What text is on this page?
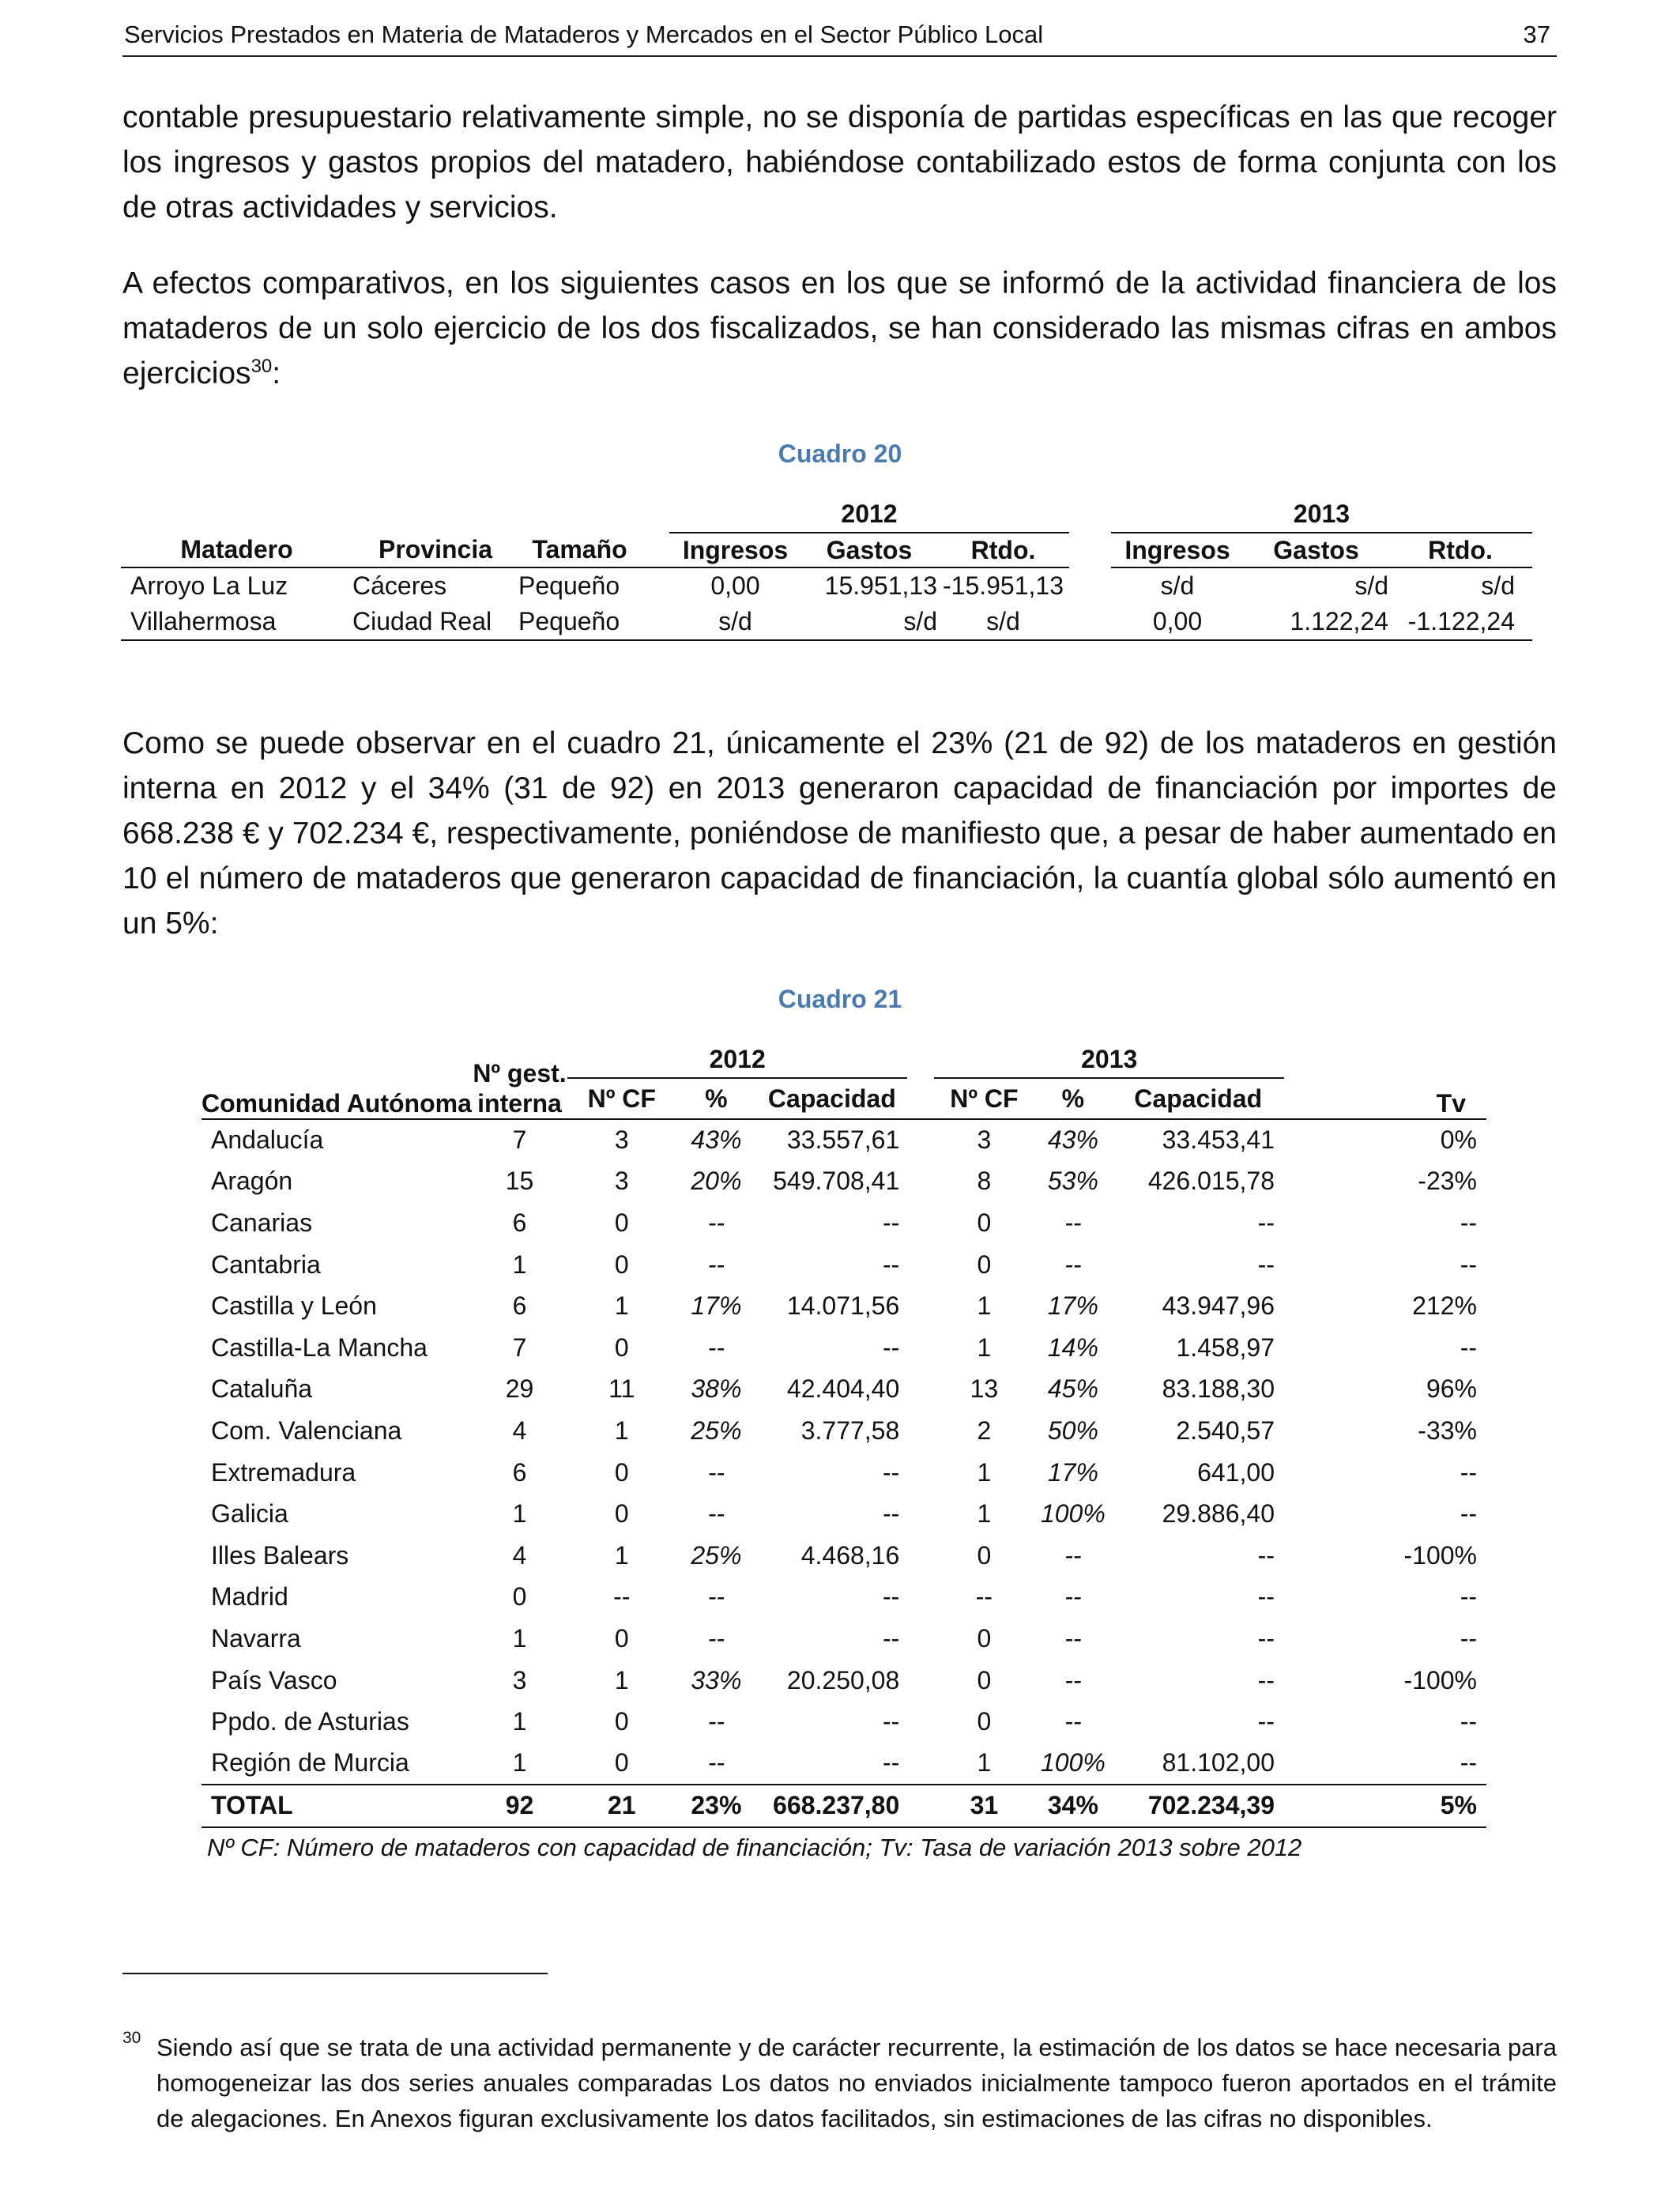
Servicios Prestados en Materia de Mataderos y Mercados en el Sector Público Local	37

contable presupuestario relativamente simple, no se disponía de partidas específicas en las que recoger los ingresos y gastos propios del matadero, habiéndose contabilizado estos de forma conjunta con los de otras actividades y servicios.

A efectos comparativos, en los siguientes casos en los que se informó de la actividad financiera de los mataderos de un solo ejercicio de los dos fiscalizados, se han considerado las mismas cifras en ambos ejercicios$^{30}$:

Cuadro 20
				2012				2013		
Matadero	Provincia	Tamaño		Ingresos	Gastos	Rtdo.		Ingresos	Gastos	Rtdo.
Arroyo La Luz	Cáceres	Pequeño		0,00	15.951,13	-15.951,13		s/d	s/d	s/d
Villahermosa	Ciudad Real	Pequeño		s/d	s/d	s/d		0,00	1.122,24	-1.122,24

Como se puede observar en el cuadro 21, únicamente el 23% (21 de 92) de los mataderos en gestión interna en 2012 y el 34% (31 de 92) en 2013 generaron capacidad de financiación por importes de 668.238 € y 702.234 €, respectivamente, poniéndose de manifiesto que, a pesar de haber aumentado en 10 el número de mataderos que generaron capacidad de financiación, la cuantía global sólo aumentó en un 5%:

Cuadro 21
Comunidad Autónoma	Nº gest. interna	2012				2013			
		Nº CF	%	Capacidad		Nº CF	%	Capacidad	Tv
Andalucía	7	3	43%	33.557,61		3	43%	33.453,41	0%
Aragón	15	3	20%	549.708,41		8	53%	426.015,78	-23%
Canarias	6	0	--	--		0	--	--	--
Cantabria	1	0	--	--		0	--	--	--
Castilla y León	6	1	17%	14.071,56		1	17%	43.947,96	212%
Castilla-La Mancha	7	0	--	--		1	14%	1.458,97	--
Cataluña	29	11	38%	42.404,40		13	45%	83.188,30	96%
Com. Valenciana	4	1	25%	3.777,58		2	50%	2.540,57	-33%
Extremadura	6	0	--	--		1	17%	641,00	--
Galicia	1	0	--	--		1	100%	29.886,40	--
Illes Balears	4	1	25%	4.468,16		0	--	--	-100%
Madrid	0	--	--	--		--	--	--	--
Navarra	1	0	--	--		0	--	--	--
País Vasco	3	1	33%	20.250,08		0	--	--	-100%
Ppdo. de Asturias	1	0	--	--		0	--	--	--
Región de Murcia	1	0	--	--		1	100%	81.102,00	--
TOTAL	92	21	23%	668.237,80		31	34%	702.234,39	5%
Nº CF: Número de mataderos con capacidad de financiación; Tv: Tasa de variación 2013 sobre 2012
30 Siendo así que se trata de una actividad permanente y de carácter recurrente, la estimación de los datos se hace necesaria para homogeneizar las dos series anuales comparadas Los datos no enviados inicialmente tampoco fueron aportados en el trámite de alegaciones. En Anexos figuran exclusivamente los datos facilitados, sin estimaciones de las cifras no disponibles.
